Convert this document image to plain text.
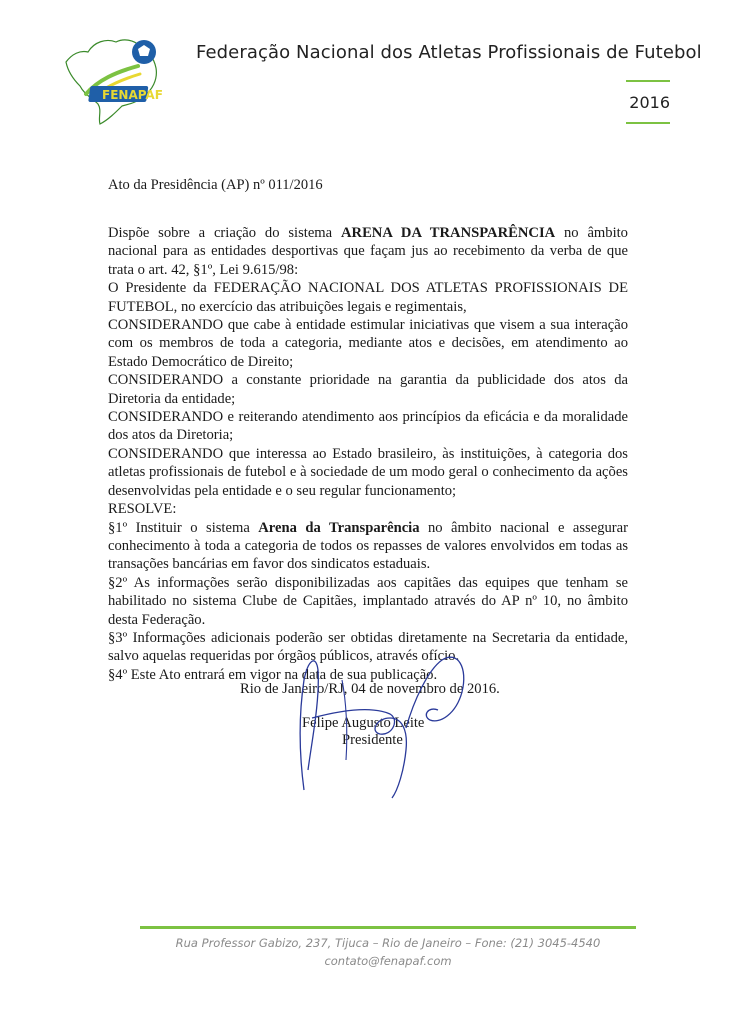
FENAPAF
Federação Nacional dos Atletas Profissionais de Futebol
2016
Ato da Presidência (AP) nº 011/2016

Dispõe sobre a criação do sistema ARENA DA TRANSPARÊNCIA no âmbito nacional para as entidades desportivas que façam jus ao recebimento da verba de que trata o art. 42, §1º, Lei 9.615/98:

O Presidente da FEDERAÇÃO NACIONAL DOS ATLETAS PROFISSIONAIS DE FUTEBOL, no exercício das atribuições legais e regimentais,

CONSIDERANDO que cabe à entidade estimular iniciativas que visem a sua interação com os membros de toda a categoria, mediante atos e decisões, em atendimento ao Estado Democrático de Direito;

CONSIDERANDO a constante prioridade na garantia da publicidade dos atos da Diretoria da entidade;

CONSIDERANDO e reiterando atendimento aos princípios da eficácia e da moralidade dos atos da Diretoria;

CONSIDERANDO que interessa ao Estado brasileiro, às instituições, à categoria dos atletas profissionais de futebol e à sociedade de um modo geral o conhecimento da ações desenvolvidas pela entidade e o seu regular funcionamento;

RESOLVE:

§1º Instituir o sistema Arena da Transparência no âmbito nacional e assegurar conhecimento à toda a categoria de todos os repasses de valores envolvidos em todas as transações bancárias em favor dos sindicatos estaduais.

§2º As informações serão disponibilizadas aos capitães das equipes que tenham se habilitado no sistema Clube de Capitães, implantado através do AP nº 10, no âmbito desta Federação.

§3º Informações adicionais poderão ser obtidas diretamente na Secretaria da entidade, salvo aquelas requeridas por órgãos públicos, através ofício.

§4º Este Ato entrará em vigor na data de sua publicação.

Rio de Janeiro/RJ, 04 de novembro de 2016.
Felipe Augusto Leite
Presidente
Rua Professor Gabizo, 237, Tijuca – Rio de Janeiro – Fone: (21) 3045-4540
contato@fenapaf.com
